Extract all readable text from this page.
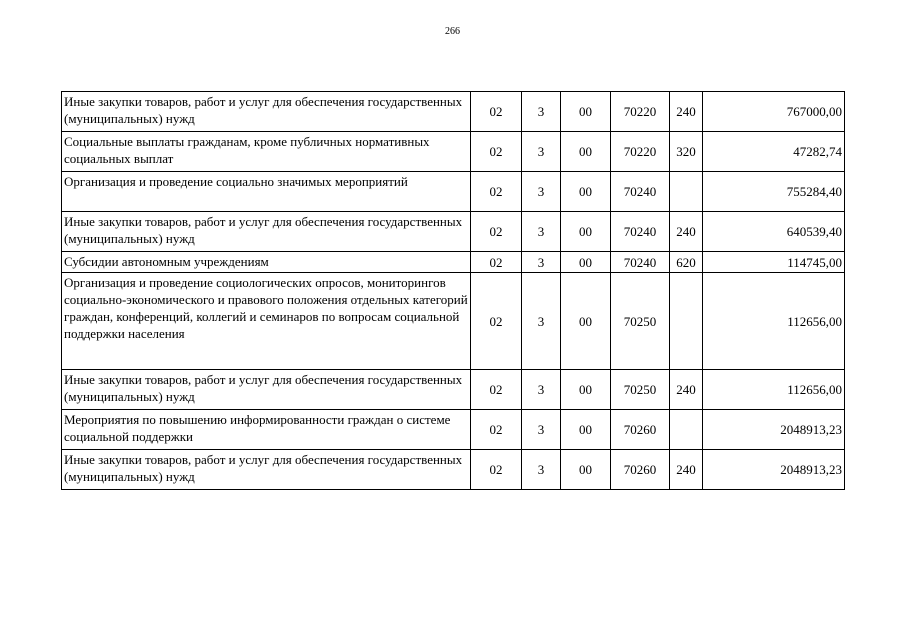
266
Иные закупки товаров, работ и услуг для обеспечения государственных (муниципальных) нужд	02	3	00	70220	240	767000,00
Социальные выплаты гражданам, кроме публичных нормативных социальных выплат	02	3	00	70220	320	47282,74
Организация и проведение социально значимых мероприятий	02	3	00	70240		755284,40
Иные закупки товаров, работ и услуг для обеспечения государственных (муниципальных) нужд	02	3	00	70240	240	640539,40
Субсидии автономным учреждениям	02	3	00	70240	620	114745,00
Организация и проведение социологических опросов, мониторингов социально-экономического и правового положения отдельных категорий граждан, конференций, коллегий и семинаров по вопросам социальной поддержки населения	02	3	00	70250		112656,00
Иные закупки товаров, работ и услуг для обеспечения государственных (муниципальных) нужд	02	3	00	70250	240	112656,00
Мероприятия по повышению информированности граждан о системе социальной поддержки	02	3	00	70260		2048913,23
Иные закупки товаров, работ и услуг для обеспечения государственных (муниципальных) нужд	02	3	00	70260	240	2048913,23
